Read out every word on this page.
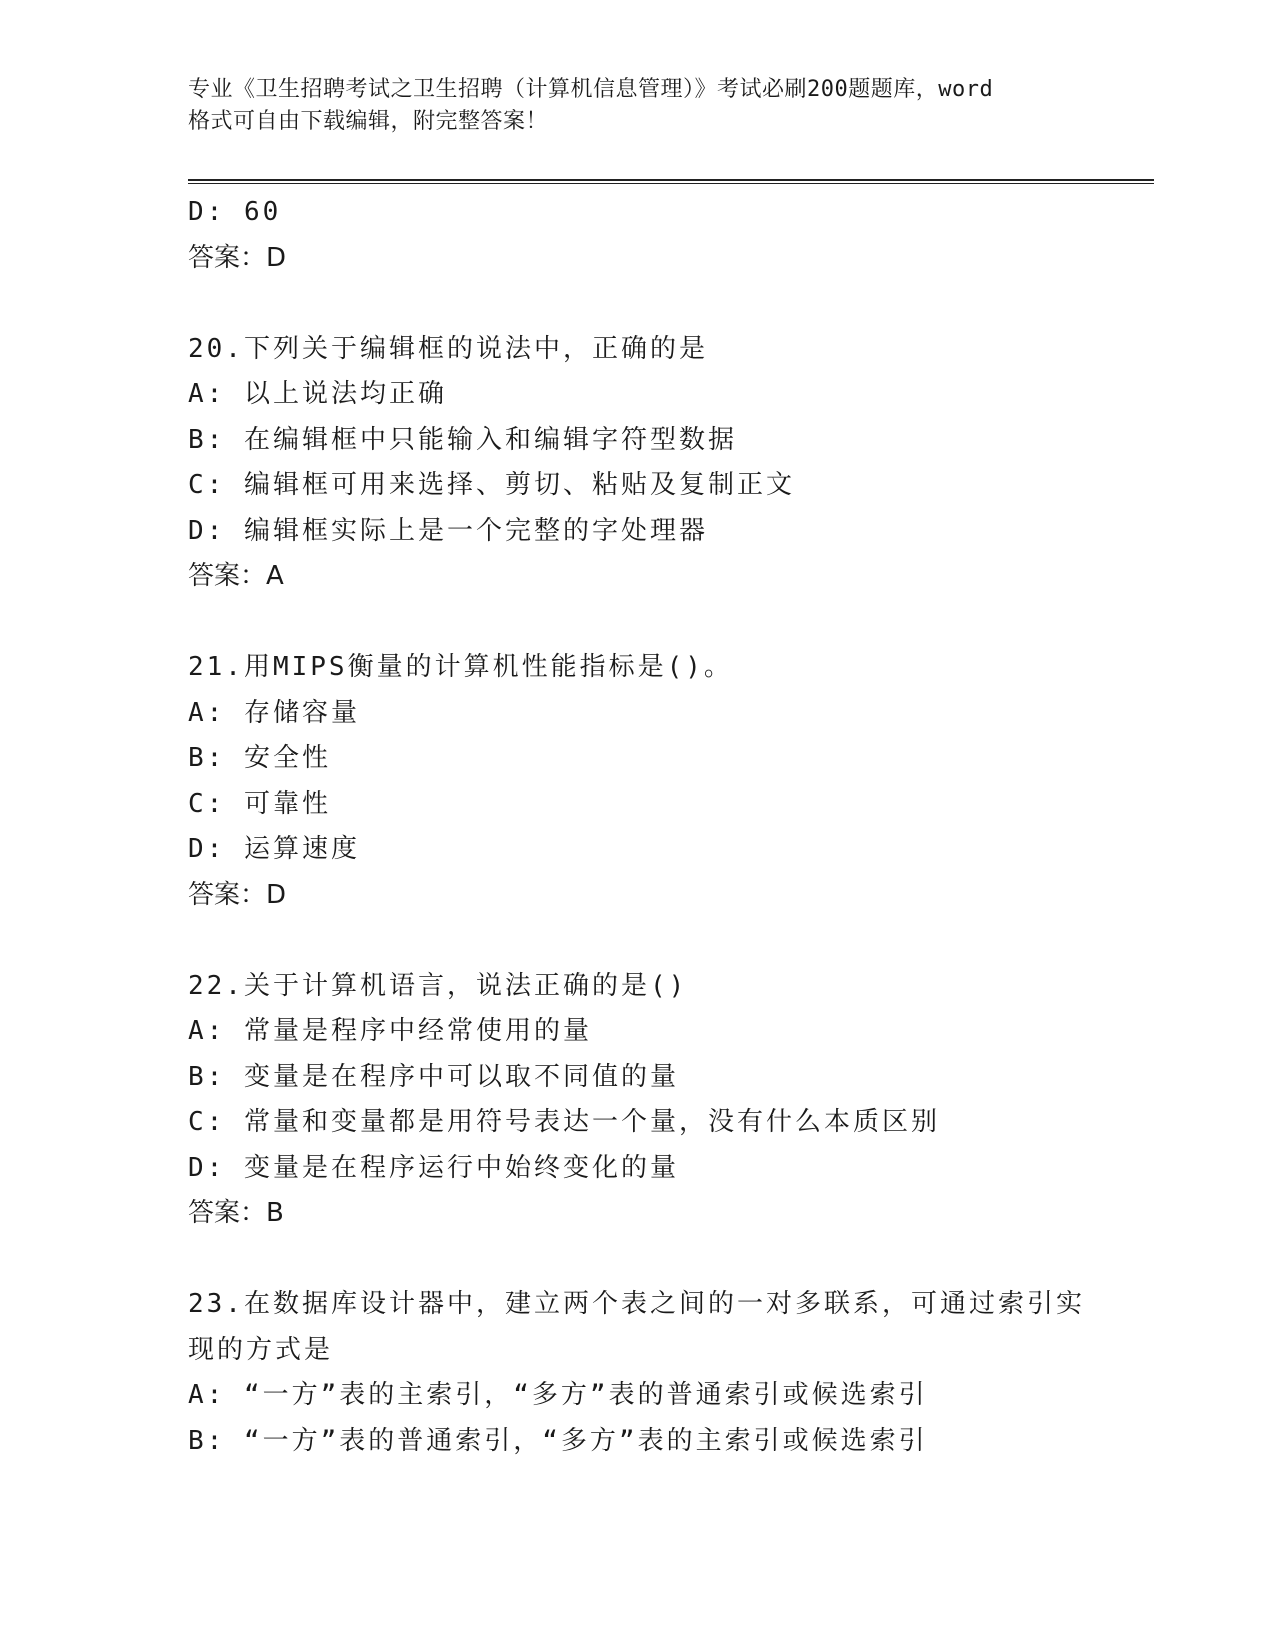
专业《卫生招聘考试之卫生招聘（计算机信息管理）》考试必刷200题题库，word
格式可自由下载编辑，附完整答案！
D: 60
答案：D
20.下列关于编辑框的说法中，正确的是
A: 以上说法均正确
B: 在编辑框中只能输入和编辑字符型数据
C: 编辑框可用来选择、剪切、粘贴及复制正文
D: 编辑框实际上是一个完整的字处理器
答案：A
21.用MIPS衡量的计算机性能指标是()。
A: 存储容量
B: 安全性
C: 可靠性
D: 运算速度
答案：D
22.关于计算机语言，说法正确的是()
A: 常量是程序中经常使用的量
B: 变量是在程序中可以取不同值的量
C: 常量和变量都是用符号表达一个量，没有什么本质区别
D: 变量是在程序运行中始终变化的量
答案：B
23.在数据库设计器中，建立两个表之间的一对多联系，可通过索引实
现的方式是
A: “一方”表的主索引，“多方”表的普通索引或候选索引
B: “一方”表的普通索引，“多方”表的主索引或候选索引
